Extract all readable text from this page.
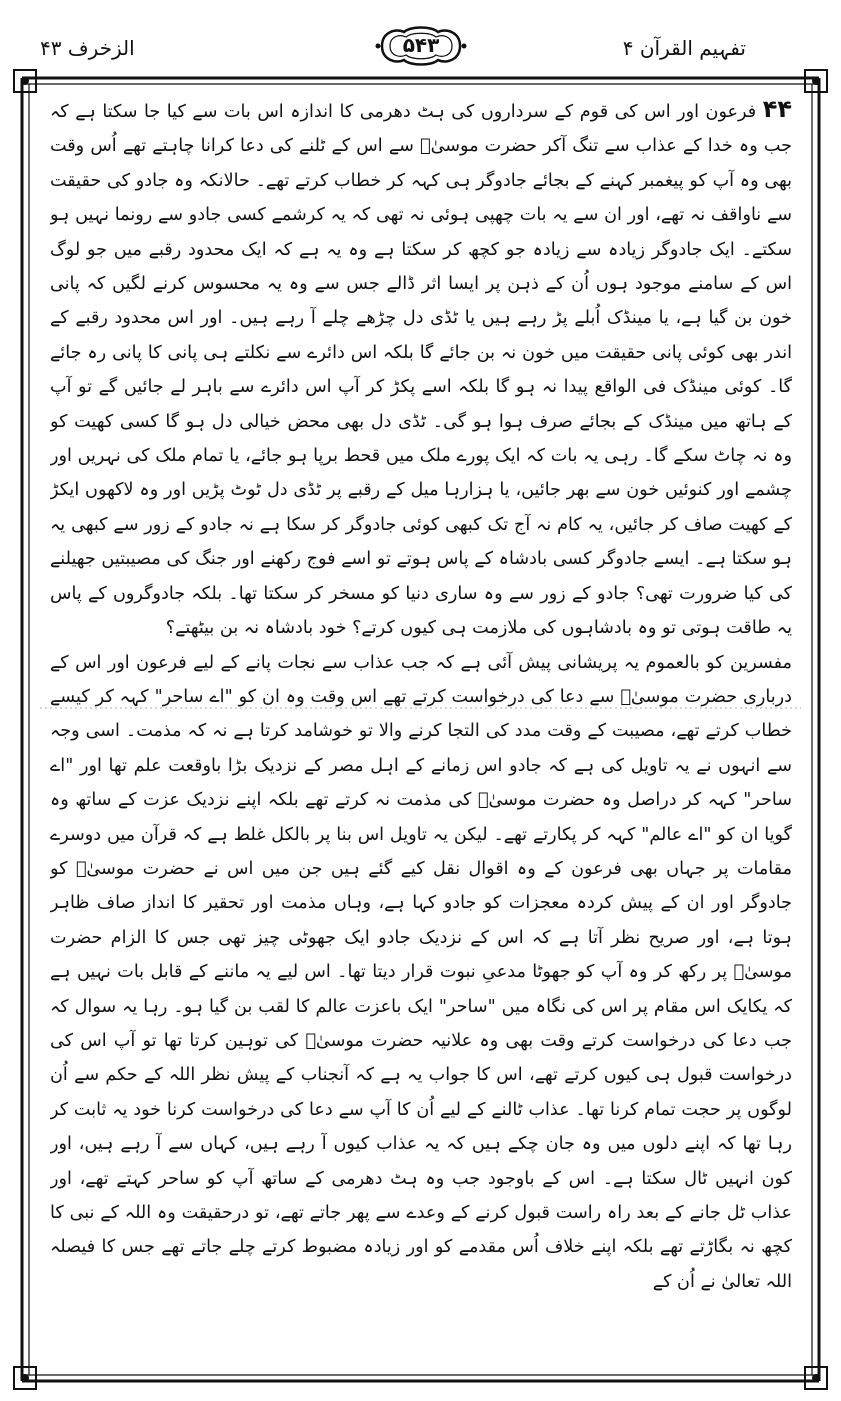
تفہیم القرآن ۴
۵۴۳
الزخرف ۴۳

۴۴ فرعون اور اس کی قوم کے سرداروں کی ہٹ دھرمی کا اندازہ اس بات سے کیا جا سکتا ہے کہ جب وہ خدا کے عذاب سے تنگ آکر حضرت موسیٰؑ سے اس کے ٹلنے کی دعا کرانا چاہتے تھے اُس وقت بھی وہ آپ کو پیغمبر کہنے کے بجائے جادوگر ہی کہہ کر خطاب کرتے تھے۔ حالانکہ وہ جادو کی حقیقت سے ناواقف نہ تھے، اور ان سے یہ بات چھپی ہوئی نہ تھی کہ یہ کرشمے کسی جادو سے رونما نہیں ہو سکتے۔ ایک جادوگر زیادہ سے زیادہ جو کچھ کر سکتا ہے وہ یہ ہے کہ ایک محدود رقبے میں جو لوگ اس کے سامنے موجود ہوں اُن کے ذہن پر ایسا اثر ڈالے جس سے وہ یہ محسوس کرنے لگیں کہ پانی خون بن گیا ہے، یا مینڈک اُبلے پڑ رہے ہیں یا ٹڈی دل چڑھے چلے آ رہے ہیں۔ اور اس محدود رقبے کے اندر بھی کوئی پانی حقیقت میں خون نہ بن جائے گا بلکہ اس دائرے سے نکلتے ہی پانی کا پانی رہ جائے گا۔ کوئی مینڈک فی الواقع پیدا نہ ہو گا بلکہ اسے پکڑ کر آپ اس دائرے سے باہر لے جائیں گے تو آپ کے ہاتھ میں مینڈک کے بجائے صرف ہوا ہو گی۔ ٹڈی دل بھی محض خیالی دل ہو گا کسی کھیت کو وہ نہ چاٹ سکے گا۔ رہی یہ بات کہ ایک پورے ملک میں قحط برپا ہو جائے، یا تمام ملک کی نہریں اور چشمے اور کنوئیں خون سے بھر جائیں، یا ہزارہا میل کے رقبے پر ٹڈی دل ٹوٹ پڑیں اور وہ لاکھوں ایکڑ کے کھیت صاف کر جائیں، یہ کام نہ آج تک کبھی کوئی جادوگر کر سکا ہے نہ جادو کے زور سے کبھی یہ ہو سکتا ہے۔ ایسے جادوگر کسی بادشاہ کے پاس ہوتے تو اسے فوج رکھنے اور جنگ کی مصیبتیں جھیلنے کی کیا ضرورت تھی؟ جادو کے زور سے وہ ساری دنیا کو مسخر کر سکتا تھا۔ بلکہ جادوگروں کے پاس یہ طاقت ہوتی تو وہ بادشاہوں کی ملازمت ہی کیوں کرتے؟ خود بادشاہ نہ بن بیٹھتے؟

مفسرین کو بالعموم یہ پریشانی پیش آئی ہے کہ جب عذاب سے نجات پانے کے لیے فرعون اور اس کے درباری حضرت موسیٰؑ سے دعا کی درخواست کرتے تھے اس وقت وہ ان کو "اے ساحر" کہہ کر کیسے خطاب کرتے تھے، مصیبت کے وقت مدد کی التجا کرنے والا تو خوشامد کرتا ہے نہ کہ مذمت۔ اسی وجہ سے انہوں نے یہ تاویل کی ہے کہ جادو اس زمانے کے اہل مصر کے نزدیک بڑا باوقعت علم تھا اور "اے ساحر" کہہ کر دراصل وہ حضرت موسیٰؑ کی مذمت نہ کرتے تھے بلکہ اپنے نزدیک عزت کے ساتھ وہ گویا ان کو "اے عالم" کہہ کر پکارتے تھے۔ لیکن یہ تاویل اس بنا پر بالکل غلط ہے کہ قرآن میں دوسرے مقامات پر جہاں بھی فرعون کے وہ اقوال نقل کیے گئے ہیں جن میں اس نے حضرت موسیٰؑ کو جادوگر اور ان کے پیش کردہ معجزات کو جادو کہا ہے، وہاں مذمت اور تحقیر کا انداز صاف ظاہر ہوتا ہے، اور صریح نظر آتا ہے کہ اس کے نزدیک جادو ایک جھوٹی چیز تھی جس کا الزام حضرت موسیٰؑ پر رکھ کر وہ آپ کو جھوٹا مدعیِ نبوت قرار دیتا تھا۔ اس لیے یہ ماننے کے قابل بات نہیں ہے کہ یکایک اس مقام پر اس کی نگاہ میں "ساحر" ایک باعزت عالم کا لقب بن گیا ہو۔ رہا یہ سوال کہ جب دعا کی درخواست کرتے وقت بھی وہ علانیہ حضرت موسیٰؑ کی توہین کرتا تھا تو آپ اس کی درخواست قبول ہی کیوں کرتے تھے، اس کا جواب یہ ہے کہ آنجناب کے پیش نظر اللہ کے حکم سے اُن لوگوں پر حجت تمام کرنا تھا۔ عذاب ٹالنے کے لیے اُن کا آپ سے دعا کی درخواست کرنا خود یہ ثابت کر رہا تھا کہ اپنے دلوں میں وہ جان چکے ہیں کہ یہ عذاب کیوں آ رہے ہیں، کہاں سے آ رہے ہیں، اور کون انہیں ٹال سکتا ہے۔ اس کے باوجود جب وہ ہٹ دھرمی کے ساتھ آپ کو ساحر کہتے تھے، اور عذاب ٹل جانے کے بعد راہ راست قبول کرنے کے وعدے سے پھر جاتے تھے، تو درحقیقت وہ اللہ کے نبی کا کچھ نہ بگاڑتے تھے بلکہ اپنے خلاف اُس مقدمے کو اور زیادہ مضبوط کرتے چلے جاتے تھے جس کا فیصلہ اللہ تعالیٰ نے اُن کے
